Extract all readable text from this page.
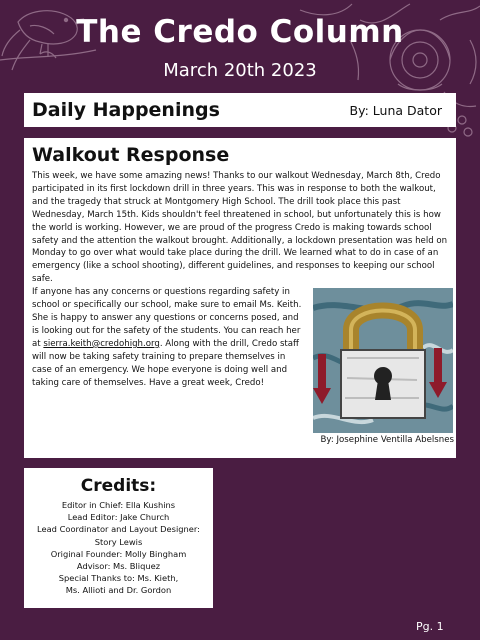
The Credo Column
March 20th 2023
Daily Happenings	By: Luna Dator
Walkout Response

This week, we have some amazing news! Thanks to our walkout Wednesday, March 8th, Credo participated in its first lockdown drill in three years. This was in response to both the walkout, and the tragedy that struck at Montgomery High School. The drill took place this past Wednesday, March 15th. Kids shouldn't feel threatened in school, but unfortunately this is how the world is working. However, we are proud of the progress Credo is making towards school safety and the attention the walkout brought. Additionally, a lockdown presentation was held on Monday to go over what would take place during the drill. We learned what to do in case of an emergency (like a school shooting), different guidelines, and responses to keeping our school safe.

If anyone has any concerns or questions regarding safety in school or specifically our school, make sure to email Ms. Keith. She is happy to answer any questions or concerns posed, and is looking out for the safety of the students. You can reach her at sierra.keith@credohigh.org. Along with the drill, Credo staff will now be taking safety training to prepare themselves in case of an emergency. We hope everyone is doing well and taking care of themselves. Have a great week, Credo!

By: Josephine Ventilla Abelsnes
Credits:
Editor in Chief: Ella Kushins
Lead Editor: Jake Church
Lead Coordinator and Layout Designer:
Story Lewis
Original Founder: Molly Bingham
Advisor: Ms. Bliquez
Special Thanks to: Ms. Kieth,
Ms. Allioti and Dr. Gordon
Pg. 1
